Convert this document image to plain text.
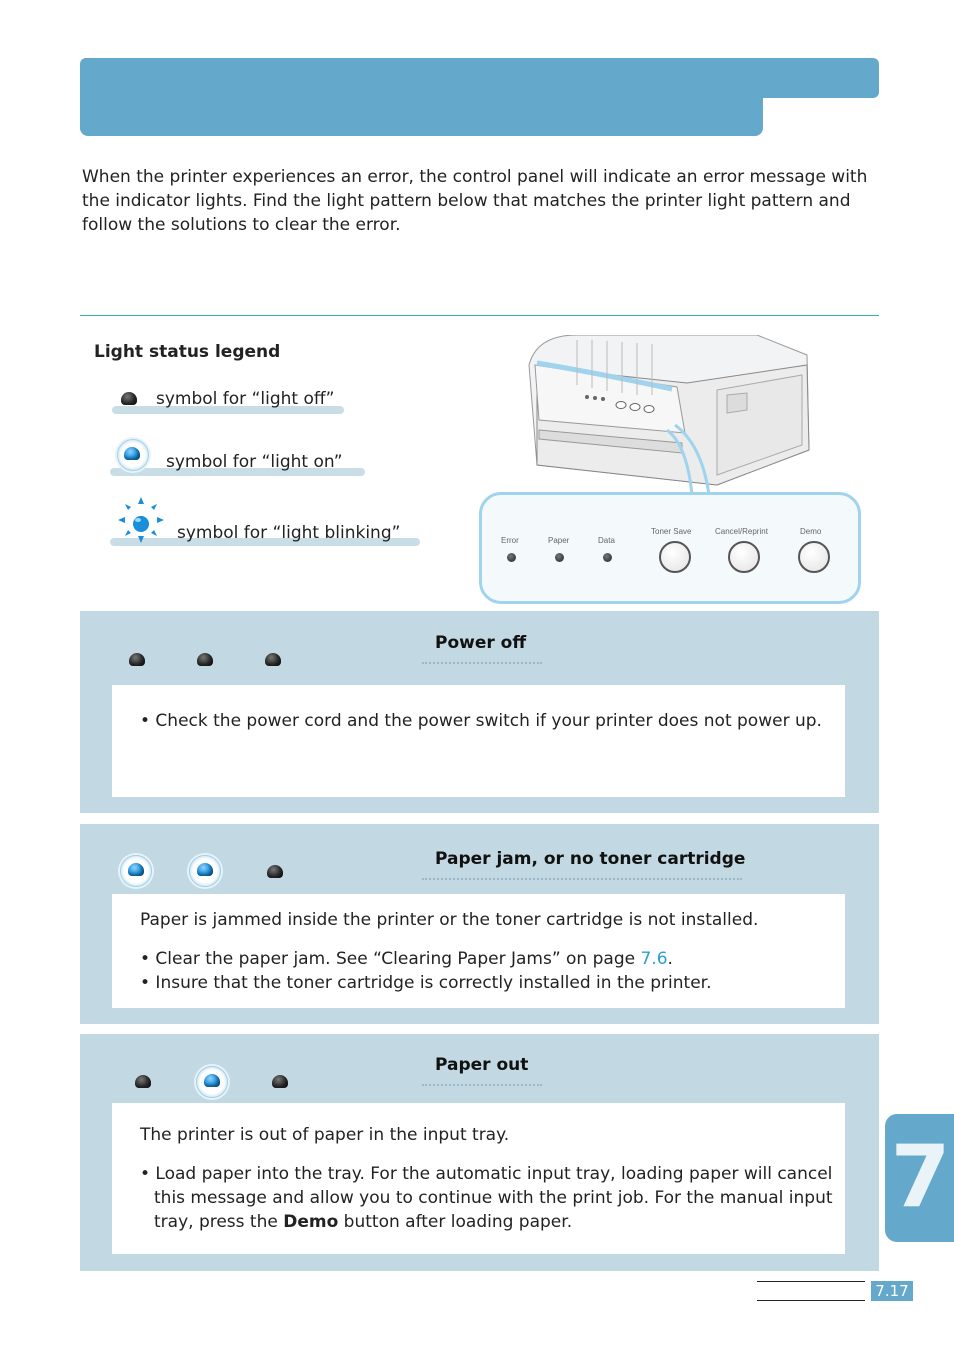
When the printer experiences an error, the control panel will indicate an error message with
the indicator lights. Find the light pattern below that matches the printer light pattern and
follow the solutions to clear the error.
Light status legend
symbol for “light off”
symbol for “light on”
symbol for “light blinking”	Error	Paper	Data
Toner Save	Cancel/Reprint	Demo
Power off
• Check the power cord and the power switch if your printer does not power up.
Paper jam, or no toner cartridge
Paper is jammed inside the printer or the toner cartridge is not installed.
• Clear the paper jam. See “Clearing Paper Jams” on page 7.6.
• Insure that the toner cartridge is correctly installed in the printer.
Paper out
The printer is out of paper in the input tray.
• Load paper into the tray. For the automatic input tray, loading paper will cancel
this message and allow you to continue with the print job. For the manual input
tray, press the Demo button after loading paper.	7
7.17
